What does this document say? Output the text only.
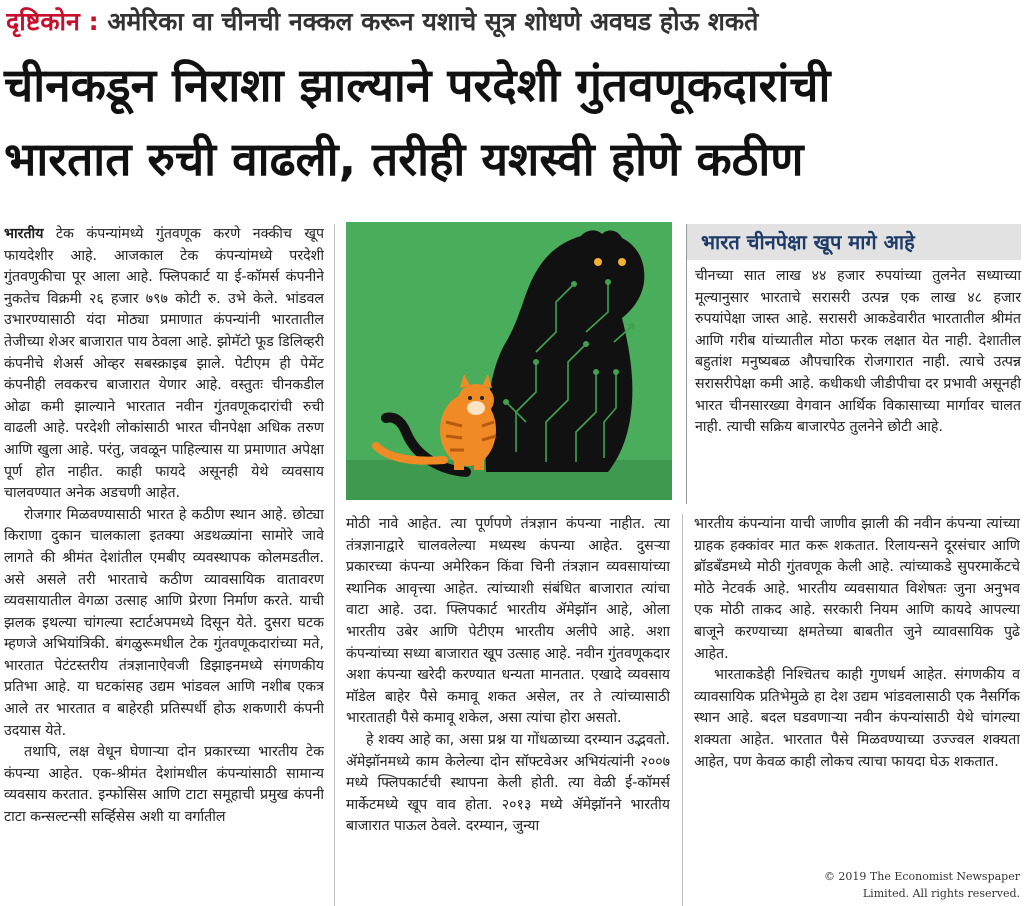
दृष्टिकोन : अमेरिका वा चीनची नक्कल करून यशाचे सूत्र शोधणे अवघड होऊ शकते
चीनकडून निराशा झाल्याने परदेशी गुंतवणूकदारांची
भारतात रुची वाढली, तरीही यशस्वी होणे कठीण

भारतीय टेक कंपन्यांमध्ये गुंतवणूक करणे नक्कीच खूप फायदेशीर आहे. आजकाल टेक कंपन्यांमध्ये परदेशी गुंतवणुकीचा पूर आला आहे. फ्लिपकार्ट या ई-कॉमर्स कंपनीने नुकतेच विक्रमी २६ हजार ७९७ कोटी रु. उभे केले. भांडवल उभारण्यासाठी यंदा मोठ्या प्रमाणात कंपन्यांनी भारतातील तेजीच्या शेअर बाजारात पाय ठेवला आहे. झोमॅटो फूड डिलिव्हरी कंपनीचे शेअर्स ओव्हर सबस्क्राइब झाले. पेटीएम ही पेमेंट कंपनीही लवकरच बाजारात येणार आहे. वस्तुतः चीनकडील ओढा कमी झाल्याने भारतात नवीन गुंतवणूकदारांची रुची वाढली आहे. परदेशी लोकांसाठी भारत चीनपेक्षा अधिक तरुण आणि खुला आहे. परंतु, जवळून पाहिल्यास या प्रमाणात अपेक्षा पूर्ण होत नाहीत. काही फायदे असूनही येथे व्यवसाय चालवण्यात अनेक अडचणी आहेत.

रोजगार मिळवण्यासाठी भारत हे कठीण स्थान आहे. छोट्या किराणा दुकान चालकाला इतक्या अडथळ्यांना सामोरे जावे लागते की श्रीमंत देशांतील एमबीए व्यवस्थापक कोलमडतील. असे असले तरी भारताचे कठीण व्यावसायिक वातावरण व्यवसायातील वेगळा उत्साह आणि प्रेरणा निर्माण करते. याची झलक इथल्या चांगल्या स्टार्टअपमध्ये दिसून येते. दुसरा घटक म्हणजे अभियांत्रिकी. बंगळुरूमधील टेक गुंतवणूकदारांच्या मते, भारतात पेटंटस्तरीय तंत्रज्ञानाऐवजी डिझाइनमध्ये संगणकीय प्रतिभा आहे. या घटकांसह उद्यम भांडवल आणि नशीब एकत्र आले तर भारतात व बाहेरही प्रतिस्पर्धी होऊ शकणारी कंपनी उदयास येते.

तथापि, लक्ष वेधून घेणाऱ्या दोन प्रकारच्या भारतीय टेक कंपन्या आहेत. एक-श्रीमंत देशांमधील कंपन्यांसाठी सामान्य व्यवसाय करतात. इन्फोसिस आणि टाटा समूहाची प्रमुख कंपनी टाटा कन्सल्टन्सी सर्व्हिसेस अशी या वर्गातील

भारत चीनपेक्षा खूप मागे आहे
चीनच्या सात लाख ४४ हजार रुपयांच्या तुलनेत सध्याच्या मूल्यानुसार भारताचे सरासरी उत्पन्न एक लाख ४८ हजार रुपयांपेक्षा जास्त आहे. सरासरी आकडेवारीत भारतातील श्रीमंत आणि गरीब यांच्यातील मोठा फरक लक्षात येत नाही. देशातील बहुतांश मनुष्यबळ औपचारिक रोजगारात नाही. त्याचे उत्पन्न सरासरीपेक्षा कमी आहे. कधीकधी जीडीपीचा दर प्रभावी असूनही भारत चीनसारख्या वेगवान आर्थिक विकासाच्या मार्गावर चालत नाही. त्याची सक्रिय बाजारपेठ तुलनेने छोटी आहे.

मोठी नावे आहेत. त्या पूर्णपणे तंत्रज्ञान कंपन्या नाहीत. त्या तंत्रज्ञानाद्वारे चालवलेल्या मध्यस्थ कंपन्या आहेत. दुसऱ्या प्रकारच्या कंपन्या अमेरिकन किंवा चिनी तंत्रज्ञान व्यवसायांच्या स्थानिक आवृत्त्या आहेत. त्यांच्याशी संबंधित बाजारात त्यांचा वाटा आहे. उदा. फ्लिपकार्ट भारतीय ॲमेझॉन आहे, ओला भारतीय उबेर आणि पेटीएम भारतीय अलीपे आहे. अशा कंपन्यांच्या सध्या बाजारात खूप उत्साह आहे. नवीन गुंतवणूकदार अशा कंपन्या खरेदी करण्यात धन्यता मानतात. एखादे व्यवसाय मॉडेल बाहेर पैसे कमावू शकत असेल, तर ते त्यांच्यासाठी भारतातही पैसे कमावू शकेल, असा त्यांचा होरा असतो.

हे शक्य आहे का, असा प्रश्न या गोंधळाच्या दरम्यान उद्भवतो. ॲमेझॉनमध्ये काम केलेल्या दोन सॉफ्टवेअर अभियंत्यांनी २००७ मध्ये फ्लिपकार्टची स्थापना केली होती. त्या वेळी ई-कॉमर्स मार्केटमध्ये खूप वाव होता. २०१३ मध्ये ॲमेझॉनने भारतीय बाजारात पाऊल ठेवले. दरम्यान, जुन्या

भारतीय कंपन्यांना याची जाणीव झाली की नवीन कंपन्या त्यांच्या ग्राहक हक्कांवर मात करू शकतात. रिलायन्सने दूरसंचार आणि ब्रॉडबँडमध्ये मोठी गुंतवणूक केली आहे. त्यांच्याकडे सुपरमार्केटचे मोठे नेटवर्क आहे. भारतीय व्यवसायात विशेषतः जुना अनुभव एक मोठी ताकद आहे. सरकारी नियम आणि कायदे आपल्या बाजूने करण्याच्या क्षमतेच्या बाबतीत जुने व्यावसायिक पुढे आहेत.

भारताकडेही निश्चितच काही गुणधर्म आहेत. संगणकीय व व्यावसायिक प्रतिभेमुळे हा देश उद्यम भांडवलासाठी एक नैसर्गिक स्थान आहे. बदल घडवणाऱ्या नवीन कंपन्यांसाठी येथे चांगल्या शक्यता आहेत. भारतात पैसे मिळवण्याच्या उज्ज्वल शक्यता आहेत, पण केवळ काही लोकच त्याचा फायदा घेऊ शकतात.

© 2019 The Economist Newspaper
Limited. All rights reserved.
